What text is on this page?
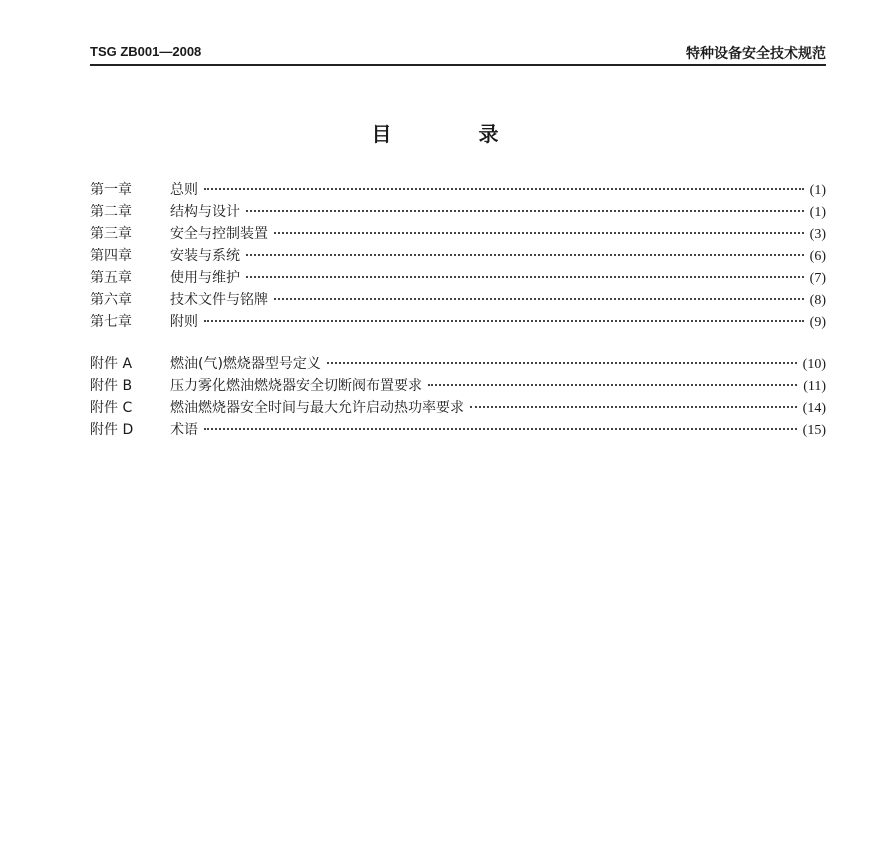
TSG ZB001—2008	特种设备安全技术规范
目 录
第一章	总则	(1)
第二章	结构与设计	(1)
第三章	安全与控制装置	(3)
第四章	安装与系统	(6)
第五章	使用与维护	(7)
第六章	技术文件与铭牌	(8)
第七章	附则	(9)
附件 A	燃油(气)燃烧器型号定义	(10)
附件 B	压力雾化燃油燃烧器安全切断阀布置要求	(11)
附件 C	燃油燃烧器安全时间与最大允许启动热功率要求	(14)
附件 D	术语	(15)
